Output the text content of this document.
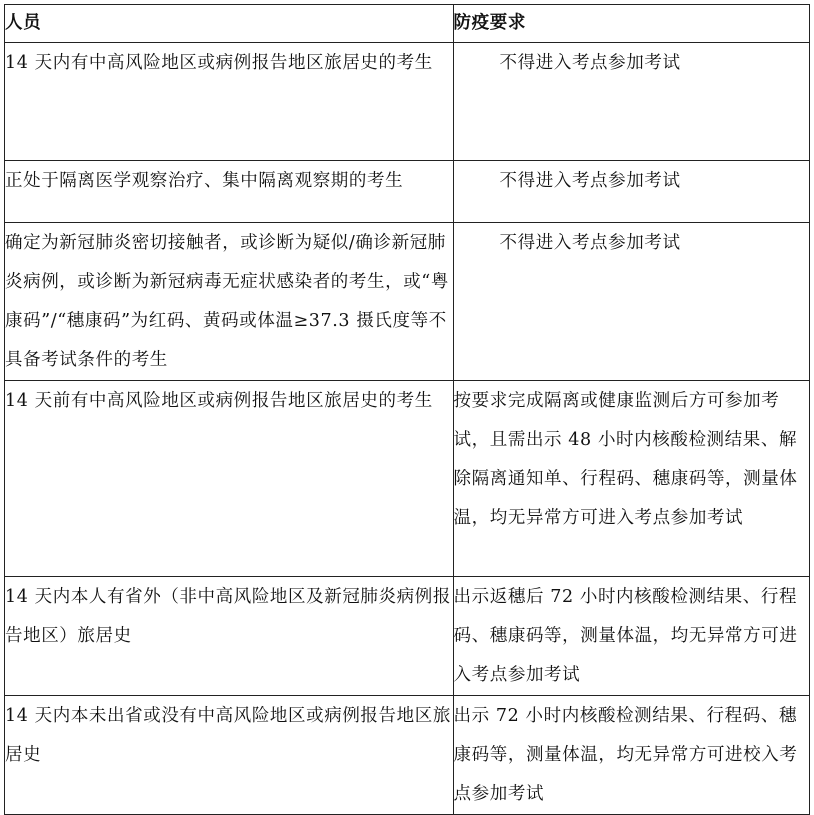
人员	防疫要求

14 天内有中高风险地区或病例报告地区旅居史的考生	不得进入考点参加考试

正处于隔离医学观察治疗、集中隔离观察期的考生	不得进入考点参加考试

确定为新冠肺炎密切接触者，或诊断为疑似/确诊新冠肺炎病例，或诊断为新冠病毒无症状感染者的考生，或“粤康码”/“穗康码”为红码、黄码或体温≥37.3 摄氏度等不具备考试条件的考生	不得进入考点参加考试

14 天前有中高风险地区或病例报告地区旅居史的考生	按要求完成隔离或健康监测后方可参加考试，且需出示 48 小时内核酸检测结果、解除隔离通知单、行程码、穗康码等，测量体温，均无异常方可进入考点参加考试

14 天内本人有省外（非中高风险地区及新冠肺炎病例报告地区）旅居史	出示返穗后 72 小时内核酸检测结果、行程码、穗康码等，测量体温，均无异常方可进入考点参加考试

14 天内本未出省或没有中高风险地区或病例报告地区旅居史	出示 72 小时内核酸检测结果、行程码、穗康码等，测量体温，均无异常方可进校入考点参加考试
